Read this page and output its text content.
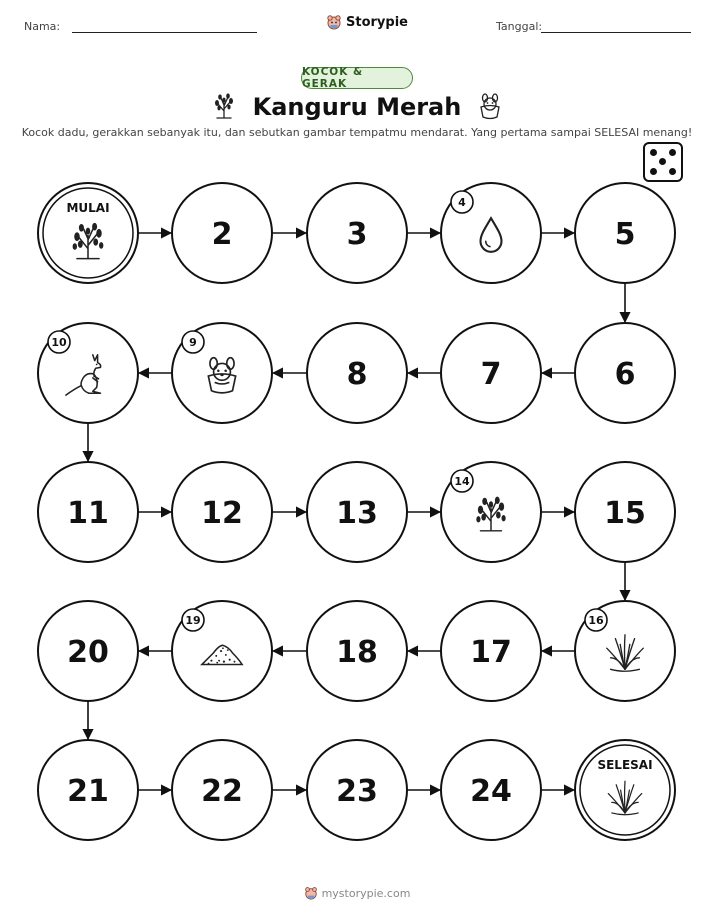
Nama:	Storypie	Tanggal:
KOCOK & GERAK
Kanguru Merah
Kocok dadu, gerakkan sebanyak itu, dan sebutkan gambar tempatmu mendarat. Yang pertama sampai SELESAI menang!
MULAI
2	3
4
5
6
7
8
9
10
11	12	13
14
15
16
17
18
19
20
21	22	23	24
SELESAI
mystorypie.com
